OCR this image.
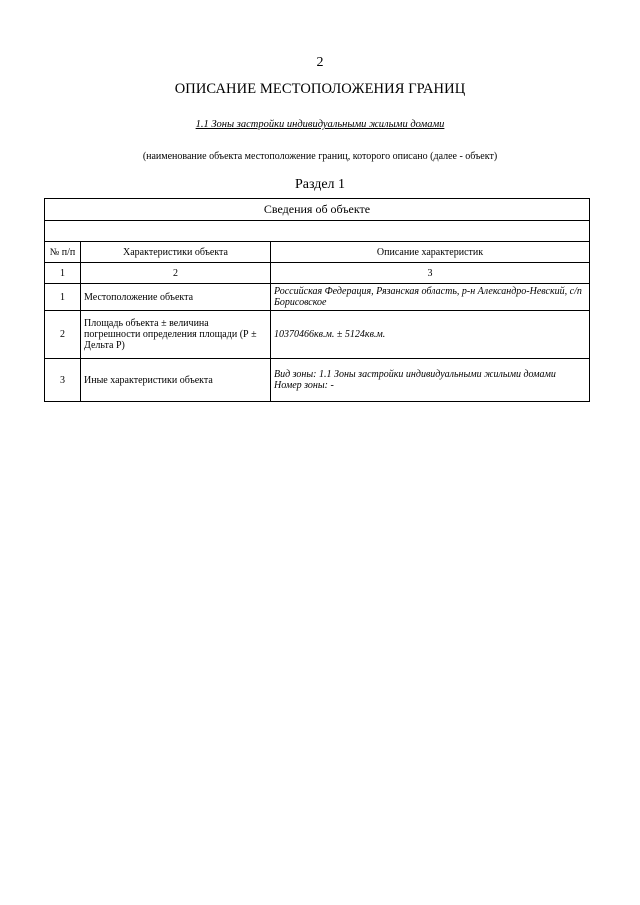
2
ОПИСАНИЕ МЕСТОПОЛОЖЕНИЯ ГРАНИЦ
1.1 Зоны застройки индивидуальными жилыми домами
(наименование объекта местоположение границ, которого описано (далее - объект)
Раздел 1
Сведения об объекте		

№ п/п	Характеристики объекта	Описание характеристик
1	2	3
1	Местоположение объекта	Российская Федерация, Рязанская область, р-н Александро-Невский, с/п Борисовское
2	Площадь объекта ± величина погрешности определения площади (Р ± Дельта Р)	10370466кв.м. ± 5124кв.м.
3	Иные характеристики объекта	Вид зоны: 1.1 Зоны застройки индивидуальными жилыми домами
Номер зоны: -
